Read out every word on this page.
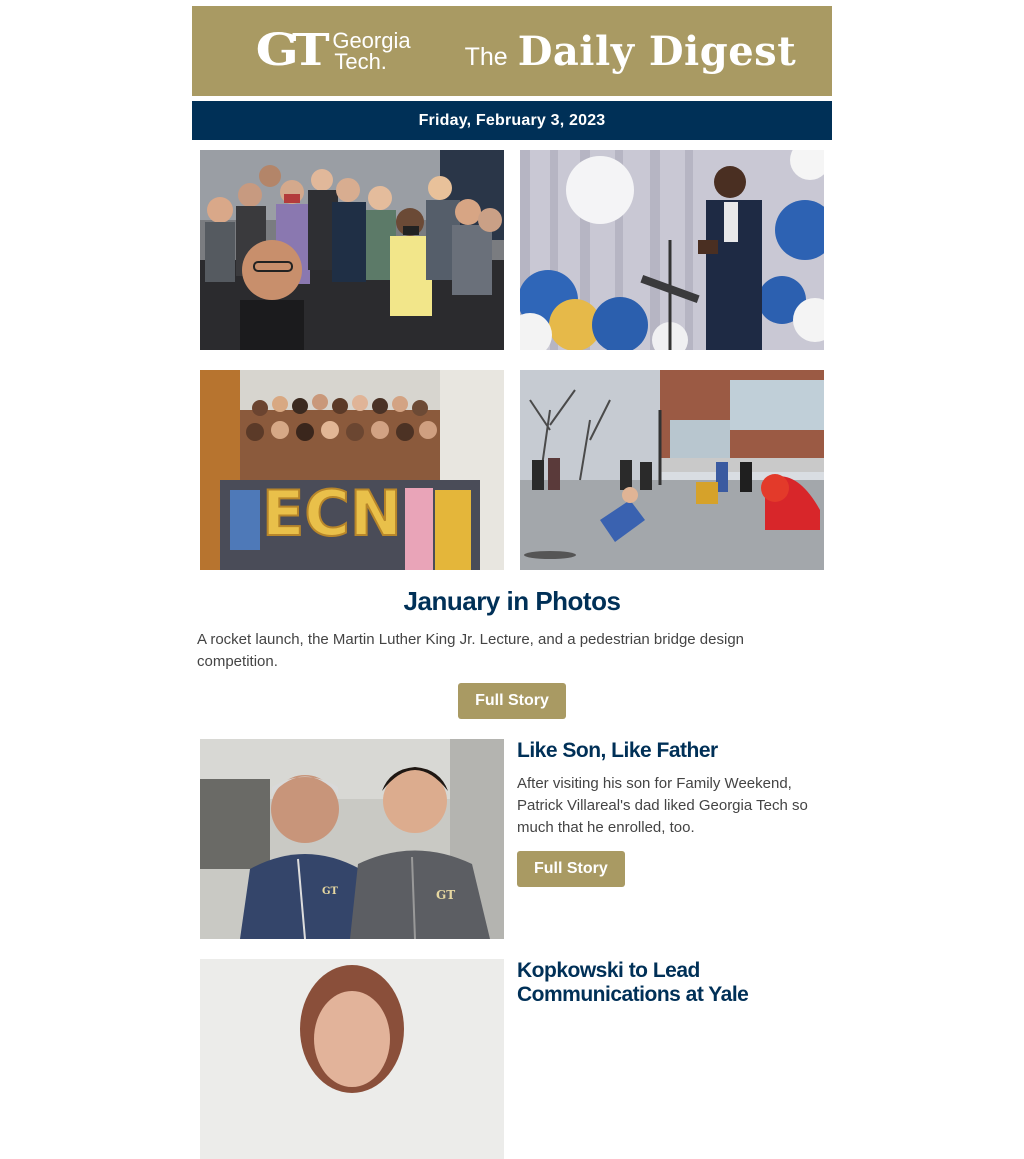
GT Georgia
Tech.	The Daily Digest
Friday, February 3, 2023
ECN
January in Photos
A rocket launch, the Martin Luther King Jr. Lecture, and a pedestrian bridge design competition.
Full Story
GT
GT
Like Son, Like Father
After visiting his son for Family Weekend, Patrick Villareal's dad liked Georgia Tech so much that he enrolled, too.
Full Story
Kopkowski to Lead Communications at Yale
